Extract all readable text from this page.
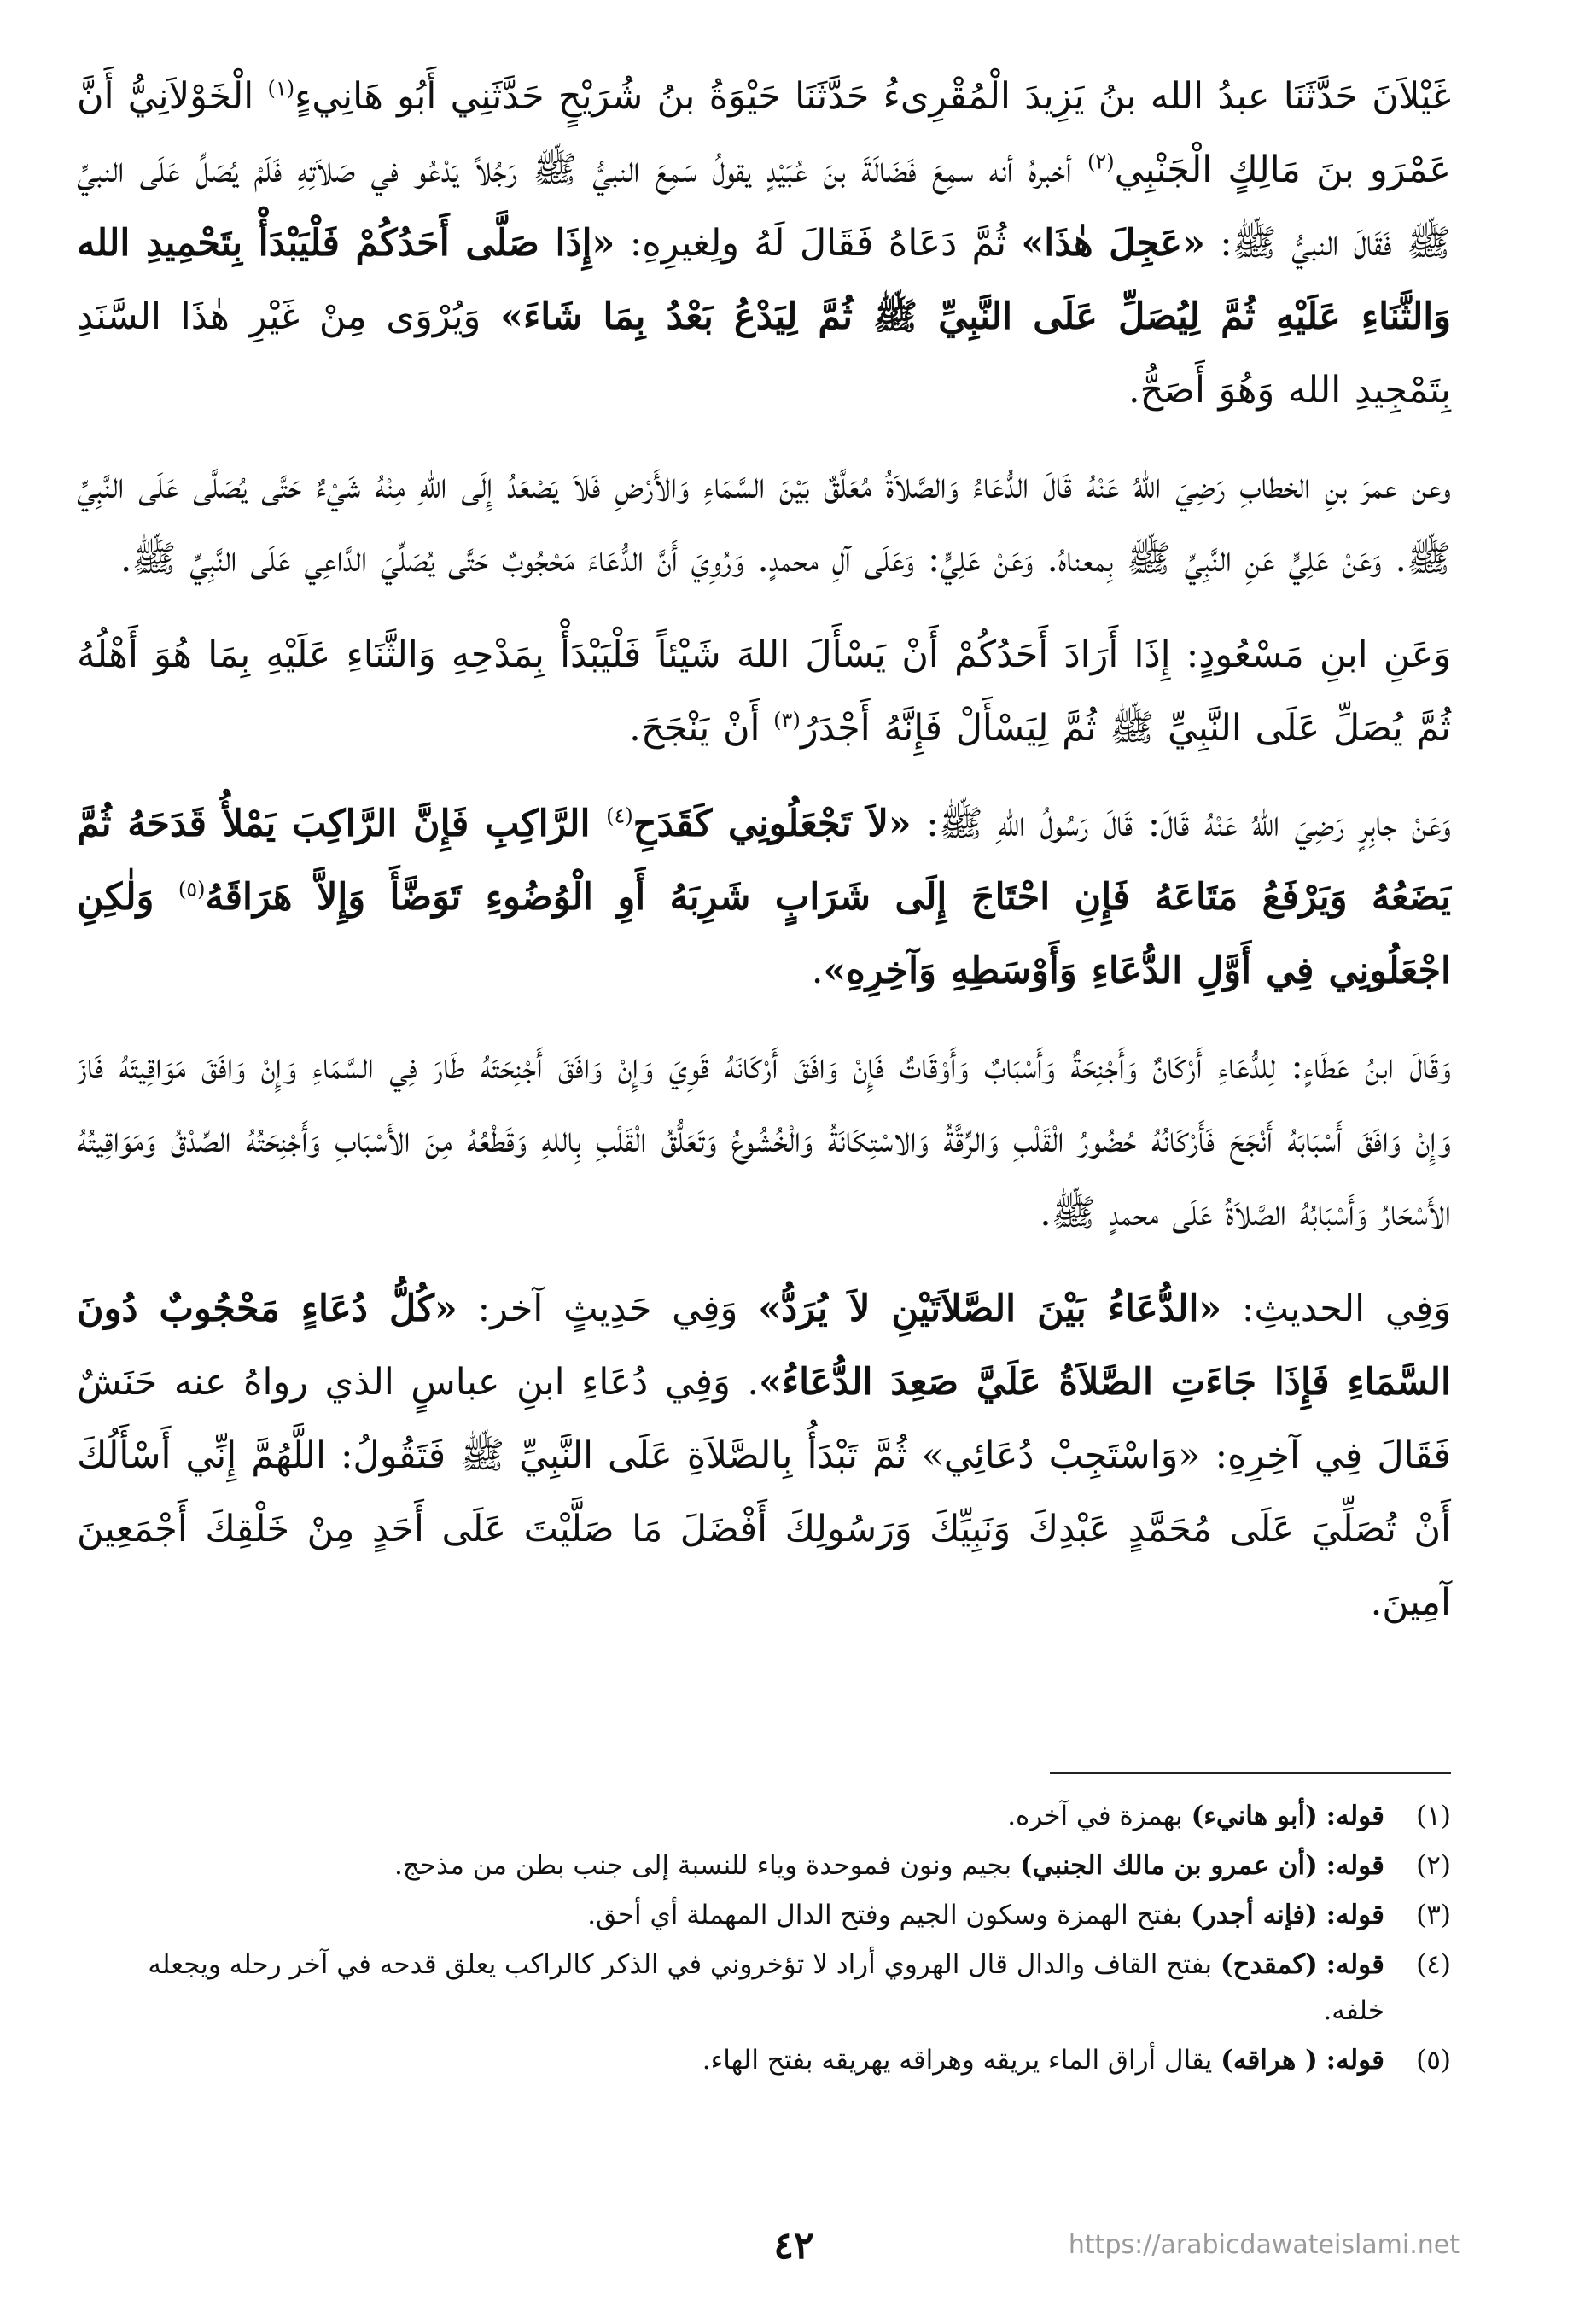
غَيْلاَنَ حَدَّثَنَا عبدُ الله بنُ يَزِيدَ الْمُقْرِىءُ حَدَّثَنَا حَيْوَةُ بنُ شُرَيْحٍ حَدَّثَنِي أَبُو هَانِيءٍ$^{(١)}$ الْخَوْلاَنِيُّ أَنَّ عَمْرَو بنَ مَالِكٍ الْجَنْبِي$^{(٢)}$ أخبرهُ أنه سمِعَ فَضَالَةَ بنَ عُبَيْدٍ يقولُ سَمِعَ النبيُّ ﷺ رَجُلاً يَدْعُو في صَلاَتِهِ فَلَمْ يُصَلِّ عَلَى النبيِّ ﷺ فَقَالَ النبيُّ ﷺ: «عَجِلَ هٰذَا» ثُمَّ دَعَاهُ فَقَالَ لَهُ ولِغيرِهِ: «إِذَا صَلَّى أَحَدُكُمْ فَلْيَبْدَأْ بِتَحْمِيدِ الله وَالثَّنَاءِ عَلَيْهِ ثُمَّ لِيُصَلِّ عَلَى النَّبِيِّ ﷺ ثُمَّ لِيَدْعُ بَعْدُ بِمَا شَاءَ» وَيُرْوَى مِنْ غَيْرِ هٰذَا السَّنَدِ بِتَمْجِيدِ الله وَهُوَ أَصَحُّ.

وعن عمرَ بنِ الخطابِ رَضِيَ اللهُ عَنْهُ قَالَ الدُّعَاءُ وَالصَّلاَةُ مُعَلَّقٌ بَيْنَ السَّمَاءِ وَالأَرْضِ فَلاَ يَصْعَدُ إِلَى اللهِ مِنْهُ شَيْءٌ حَتَّى يُصَلَّى عَلَى النَّبِيِّ ﷺ. وَعَنْ عَلِيٍّ عَنِ النَّبِيِّ ﷺ بِمعناهُ. وَعَنْ عَلِيٍّ: وَعَلَى آلِ محمدٍ. وَرُوِيَ أَنَّ الدُّعَاءَ مَحْجُوبٌ حَتَّى يُصَلِّيَ الدَّاعِي عَلَى النَّبِيِّ ﷺ.

وَعَنِ ابنِ مَسْعُودٍ: إِذَا أَرَادَ أَحَدُكُمْ أَنْ يَسْأَلَ اللهَ شَيْئاً فَلْيَبْدَأْ بِمَدْحِهِ وَالثَّنَاءِ عَلَيْهِ بِمَا هُوَ أَهْلُهُ ثُمَّ يُصَلِّ عَلَى النَّبِيِّ ﷺ ثُمَّ لِيَسْأَلْ فَإِنَّهُ أَجْدَرُ$^{(٣)}$ أَنْ يَنْجَحَ.

وَعَنْ جابِرٍ رَضِيَ اللهُ عَنْهُ قَالَ: قَالَ رَسُولُ اللهِ ﷺ: «لاَ تَجْعَلُونِي كَقَدَحِ$^{(٤)}$ الرَّاكِبِ فَإِنَّ الرَّاكِبَ يَمْلأُ قَدَحَهُ ثُمَّ يَضَعُهُ وَيَرْفَعُ مَتَاعَهُ فَإِنِ احْتَاجَ إِلَى شَرَابٍ شَرِبَهُ أَوِ الْوُضُوءِ تَوَضَّأَ وَإِلاَّ هَرَاقَهُ$^{(٥)}$ وَلٰكِنِ اجْعَلُونِي فِي أَوَّلِ الدُّعَاءِ وَأَوْسَطِهِ وَآخِرِهِ».

وَقَالَ ابنُ عَطَاءٍ: لِلدُّعَاءِ أَرْكَانٌ وَأَجْنِحَةٌ وَأَسْبَابٌ وَأَوْقَاتٌ فَإِنْ وَافَقَ أَرْكَانَهُ قَوِيَ وَإِنْ وَافَقَ أَجْنِحَتَهُ طَارَ فِي السَّمَاءِ وَإِنْ وَافَقَ مَوَاقِيتَهُ فَازَ وَإِنْ وَافَقَ أَسْبَابَهُ أَنْجَحَ فَأَرْكَانُهُ حُضُورُ الْقَلْبِ وَالرِّقَّةُ وَالاسْتِكَانَةُ وَالْخُشُوعُ وَتَعَلُّقُ الْقَلْبِ بِاللهِ وَقَطْعُهُ مِنَ الأَسْبَابِ وَأَجْنِحَتُهُ الصِّدْقُ وَمَوَاقِيتُهُ الأَسْحَارُ وَأَسْبَابُهُ الصَّلاَةُ عَلَى محمدٍ ﷺ.

وَفِي الحديثِ: «الدُّعَاءُ بَيْنَ الصَّلاَتَيْنِ لاَ يُرَدُّ» وَفِي حَدِيثٍ آخر: «كُلُّ دُعَاءٍ مَحْجُوبٌ دُونَ السَّمَاءِ فَإِذَا جَاءَتِ الصَّلاَةُ عَلَيَّ صَعِدَ الدُّعَاءُ». وَفِي دُعَاءِ ابنِ عباسٍ الذي رواهُ عنه حَنَشٌ فَقَالَ فِي آخِرِهِ: «وَاسْتَجِبْ دُعَائِي» ثُمَّ تَبْدَأُ بِالصَّلاَةِ عَلَى النَّبِيِّ ﷺ فَتَقُولُ: اللَّهُمَّ إِنِّي أَسْأَلُكَ أَنْ تُصَلِّيَ عَلَى مُحَمَّدٍ عَبْدِكَ وَنَبِيِّكَ وَرَسُولِكَ أَفْضَلَ مَا صَلَّيْتَ عَلَى أَحَدٍ مِنْ خَلْقِكَ أَجْمَعِينَ آمِينَ.

(١)
قوله: (أبو هانيء) بهمزة في آخره.
(٢)
قوله: (أن عمرو بن مالك الجنبي) بجيم ونون فموحدة وياء للنسبة إلى جنب بطن من مذحج.
(٣)
قوله: (فإنه أجدر) بفتح الهمزة وسكون الجيم وفتح الدال المهملة أي أحق.
(٤)
قوله: (كمقدح) بفتح القاف والدال قال الهروي أراد لا تؤخروني في الذكر كالراكب يعلق قدحه في آخر رحله ويجعله خلفه.
(٥)
قوله: ( هراقه) يقال أراق الماء يريقه وهراقه يهريقه بفتح الهاء.
٤٢	https://arabicdawateislami.net
